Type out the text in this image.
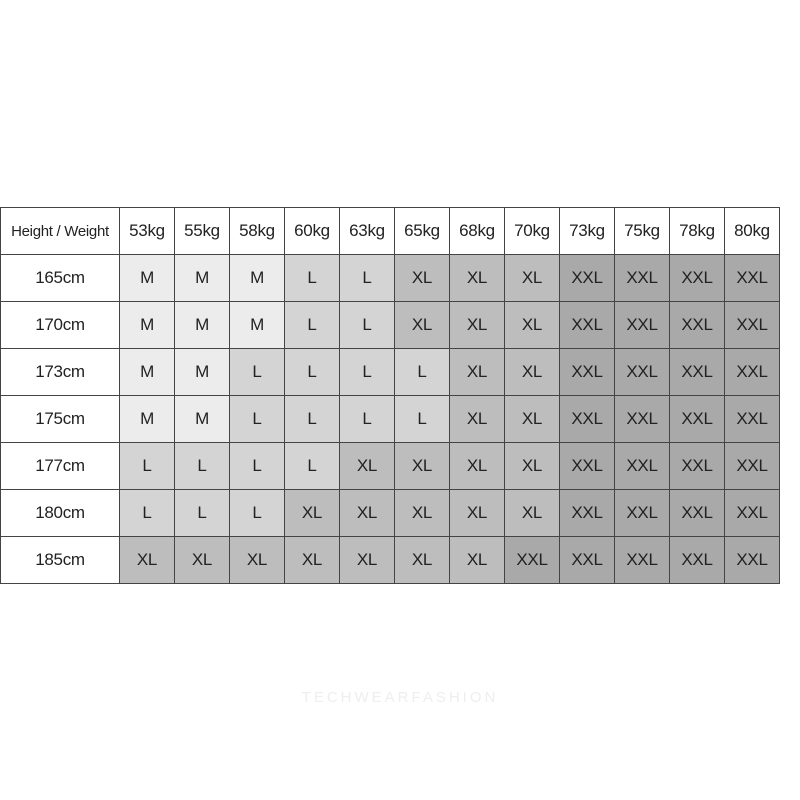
Height / Weight	53kg	55kg	58kg	60kg	63kg	65kg	68kg	70kg	73kg	75kg	78kg	80kg
165cm	M	M	M	L	L	XL	XL	XL	XXL	XXL	XXL	XXL
170cm	M	M	M	L	L	XL	XL	XL	XXL	XXL	XXL	XXL
173cm	M	M	L	L	L	L	XL	XL	XXL	XXL	XXL	XXL
175cm	M	M	L	L	L	L	XL	XL	XXL	XXL	XXL	XXL
177cm	L	L	L	L	XL	XL	XL	XL	XXL	XXL	XXL	XXL
180cm	L	L	L	XL	XL	XL	XL	XL	XXL	XXL	XXL	XXL
185cm	XL	XL	XL	XL	XL	XL	XL	XXL	XXL	XXL	XXL	XXL
TECHWEARFASHION
